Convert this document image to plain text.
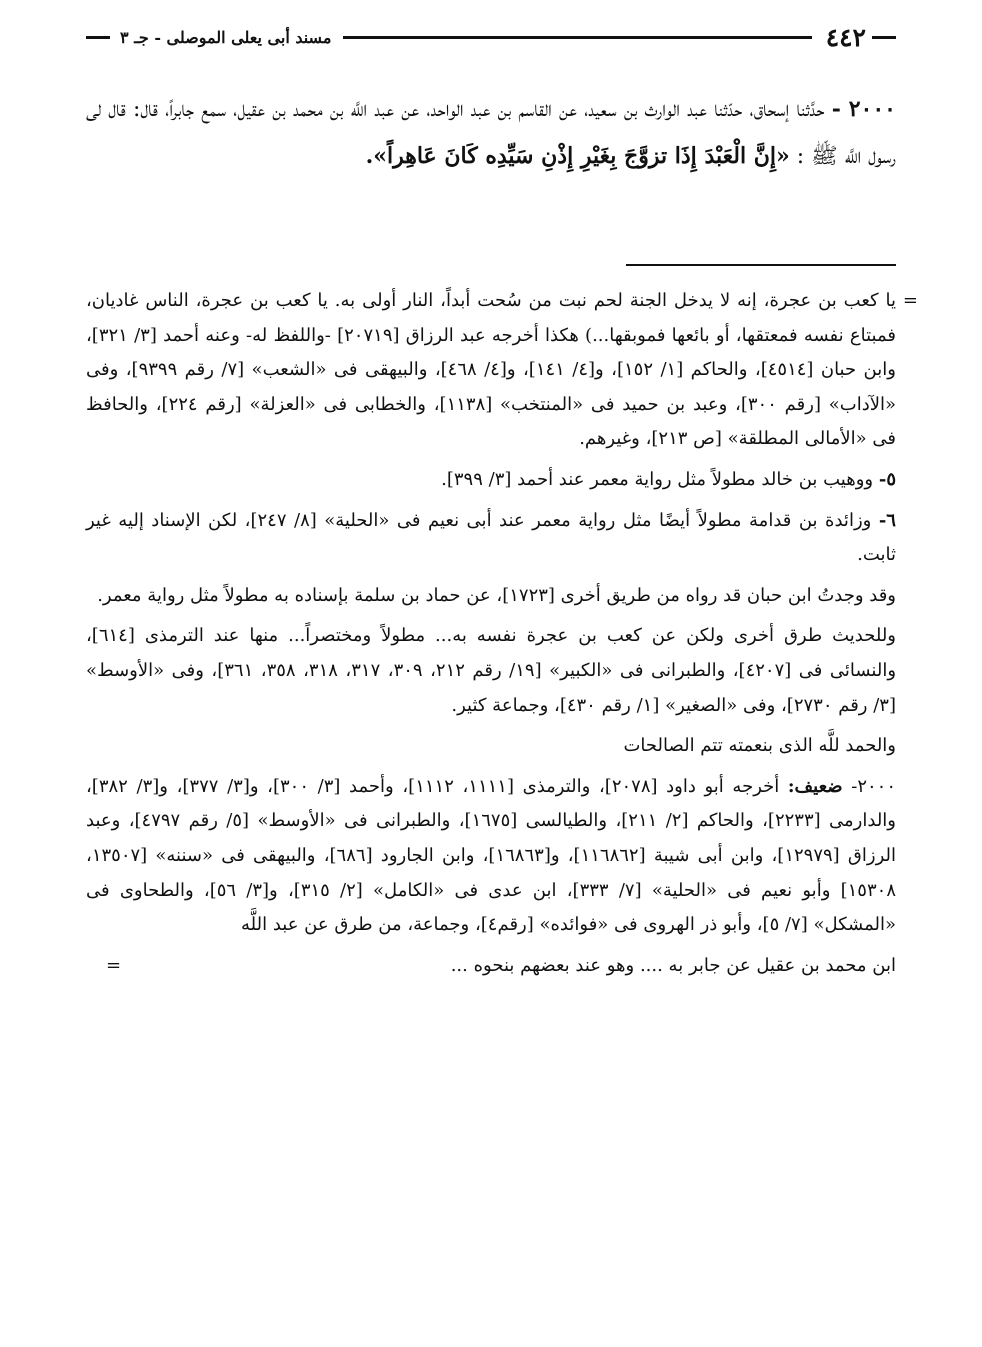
٤٤٢
مسند أبى يعلى الموصلى - جـ ٣
٢٠٠٠ - حدَّثنا إسحاق، حدّثنا عبد الوارث بن سعيد، عن القاسم بن عبد الواحد، عن عبد اللَّه بن محمد بن عقيل، سمع جابراً، قال: قال لى رسول اللَّه ﷺ : «إِنَّ الْعَبْدَ إِذَا تزوَّجَ بِغَيْرِ إِذْنِ سَيِّدِه كَانَ عَاهِراً».

=
يا كعب بن عجرة، إنه لا يدخل الجنة لحم نبت من سُحت أبداً، النار أولى به. يا كعب بن عجرة، الناس غاديان، فمبتاع نفسه فمعتقها، أو بائعها فموبقها...) هكذا أخرجه عبد الرزاق [٢٠٧١٩] -واللفظ له- وعنه أحمد [٣/ ٣٢١]، وابن حبان [٤٥١٤]، والحاكم [١/ ١٥٢]، و[٤/ ١٤١]، و[٤/ ٤٦٨]، والبيهقى فى «الشعب» [٧/ رقم ٩٣٩٩]، وفى «الآداب» [رقم ٣٠٠]، وعبد بن حميد فى «المنتخب» [١١٣٨]، والخطابى فى «العزلة» [رقم ٢٢٤]، والحافظ فى «الأمالى المطلقة» [ص ٢١٣]، وغيرهم.

٥- ووهيب بن خالد مطولاً مثل رواية معمر عند أحمد [٣/ ٣٩٩].

٦- وزائدة بن قدامة مطولاً أيضًا مثل رواية معمر عند أبى نعيم فى «الحلية» [٨/ ٢٤٧]، لكن الإسناد إليه غير ثابت.

وقد وجدتُ ابن حبان قد رواه من طريق أخرى [١٧٢٣]، عن حماد بن سلمة بإسناده به مطولاً مثل رواية معمر.

وللحديث طرق أخرى ولكن عن كعب بن عجرة نفسه به... مطولاً ومختصراً... منها عند الترمذى [٦١٤]، والنسائى فى [٤٢٠٧]، والطبرانى فى «الكبير» [١٩/ رقم ٢١٢، ٣٠٩، ٣١٧، ٣١٨، ٣٥٨، ٣٦١]، وفى «الأوسط» [٣/ رقم ٢٧٣٠]، وفى «الصغير» [١/ رقم ٤٣٠]، وجماعة كثير.

والحمد للَّه الذى بنعمته تتم الصالحات

٢٠٠٠- ضعيف: أخرجه أبو داود [٢٠٧٨]، والترمذى [١١١١، ١١١٢]، وأحمد [٣/ ٣٠٠]، و[٣/ ٣٧٧]، و[٣/ ٣٨٢]، والدارمى [٢٢٣٣]، والحاكم [٢/ ٢١١]، والطيالسى [١٦٧٥]، والطبرانى فى «الأوسط» [٥/ رقم ٤٧٩٧]، وعبد الرزاق [١٢٩٧٩]، وابن أبى شيبة [١١٦٨٦٢]، و[١٦٨٦٣]، وابن الجارود [٦٨٦]، والبيهقى فى «سننه» [١٣٥٠٧، ١٥٣٠٨] وأبو نعيم فى «الحلية» [٧/ ٣٣٣]، ابن عدى فى «الكامل» [٢/ ٣١٥]، و[٣/ ٥٦]، والطحاوى فى «المشكل» [٧/ ٥]، وأبو ذر الهروى فى «فوائده» [رقم٤]، وجماعة، من طرق عن عبد اللَّه

ابن محمد بن عقيل عن جابر به .... وهو عند بعضهم بنحوه ...
=
